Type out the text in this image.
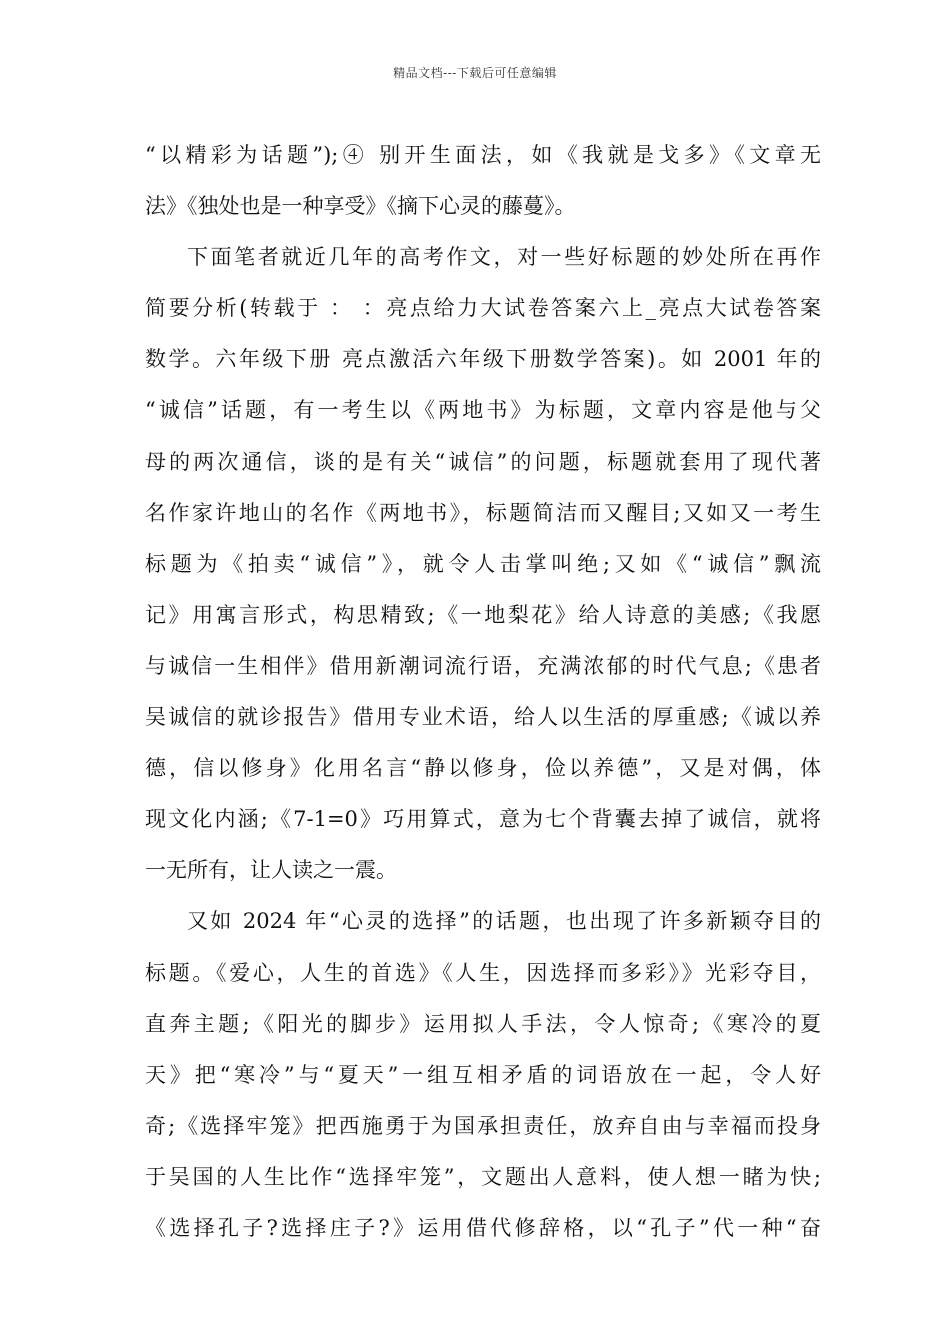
精品文档---下载后可任意编辑
“以精彩为话题”);④ 别开生面法，如《我就是戈多》《文章无
法》《独处也是一种享受》《摘下心灵的藤蔓》。
下面笔者就近几年的高考作文，对一些好标题的妙处所在再作
简要分析(转载于 ： ：亮点给力大试卷答案六上_亮点大试卷答案
数学。六年级下册 亮点激活六年级下册数学答案)。如 2001 年的
“诚信”话题，有一考生以《两地书》为标题，文章内容是他与父
母的两次通信，谈的是有关“诚信”的问题，标题就套用了现代著
名作家许地山的名作《两地书》，标题简洁而又醒目;又如又一考生
标题为《拍卖“诚信”》，就令人击掌叫绝;又如《“诚信”飘流
记》用寓言形式，构思精致;《一地梨花》给人诗意的美感;《我愿
与诚信一生相伴》借用新潮词流行语，充满浓郁的时代气息;《患者
吴诚信的就诊报告》借用专业术语，给人以生活的厚重感;《诚以养
德，信以修身》化用名言“静以修身，俭以养德”，又是对偶，体
现文化内涵;《7-1=0》巧用算式，意为七个背囊去掉了诚信，就将
一无所有，让人读之一震。
又如 2024 年“心灵的选择”的话题，也出现了许多新颖夺目的
标题。《爱心，人生的首选》《人生，因选择而多彩》》光彩夺目，
直奔主题;《阳光的脚步》运用拟人手法，令人惊奇;《寒冷的夏
天》把“寒冷”与“夏天”一组互相矛盾的词语放在一起，令人好
奇;《选择牢笼》把西施勇于为国承担责任，放弃自由与幸福而投身
于吴国的人生比作“选择牢笼”，文题出人意料，使人想一睹为快;
《选择孔子?选择庄子?》运用借代修辞格，以“孔子”代一种“奋
